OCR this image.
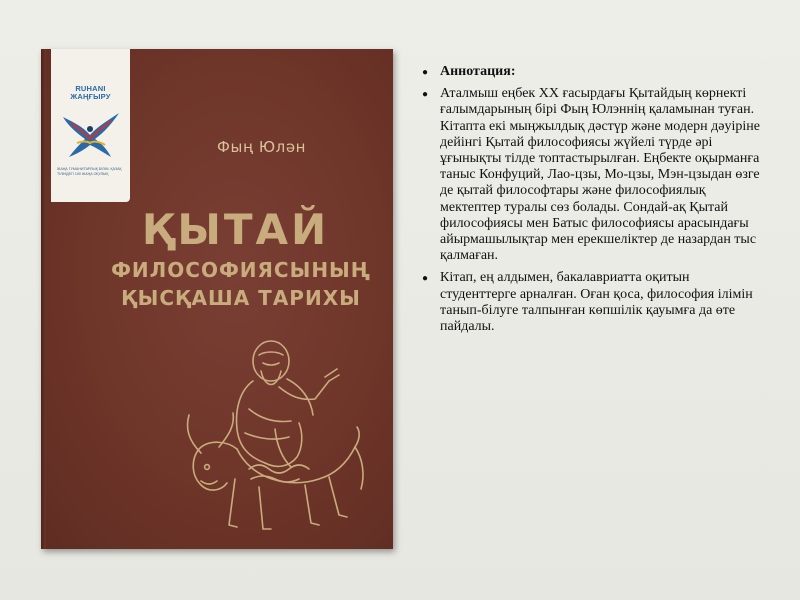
RUHANI
ЖАҢҒЫРУ
ЖАҢА ГУМАНИТАРЛЫҚ БІЛІМ. ҚАЗАҚ ТІЛІНДЕГІ 100 ЖАҢА ОҚУЛЫҚ
Фың Юлән
ҚЫТАЙ
ФИЛОСОФИЯСЫНЫҢ
ҚЫСҚАША ТАРИХЫ
● Аннотация:
● Аталмыш еңбек XX ғасырдағы Қытайдың көрнекті ғалымдарының бірі Фың Юлэннің қаламынан туған. Кітапта екі мыңжылдық дәстүр және модерн дәуіріне дейінгі Қытай философиясы жүйелі түрде әрі ұғынықты тілде топтастырылған. Еңбекте оқырманға таныс Конфуций, Лао-цзы, Мо-цзы, Мэн-цзыдан өзге де қытай философтары және философиялық мектептер туралы сөз болады. Сондай-ақ Қытай философиясы мен Батыс философиясы арасындағы айырмашылықтар мен ерекшеліктер де назардан тыс қалмаған.
● Кітап, ең алдымен, бакалавриатта оқитын студенттерге арналған. Оған қоса, философия ілімін танып-білуге талпынған көпшілік қауымға да өте пайдалы.
